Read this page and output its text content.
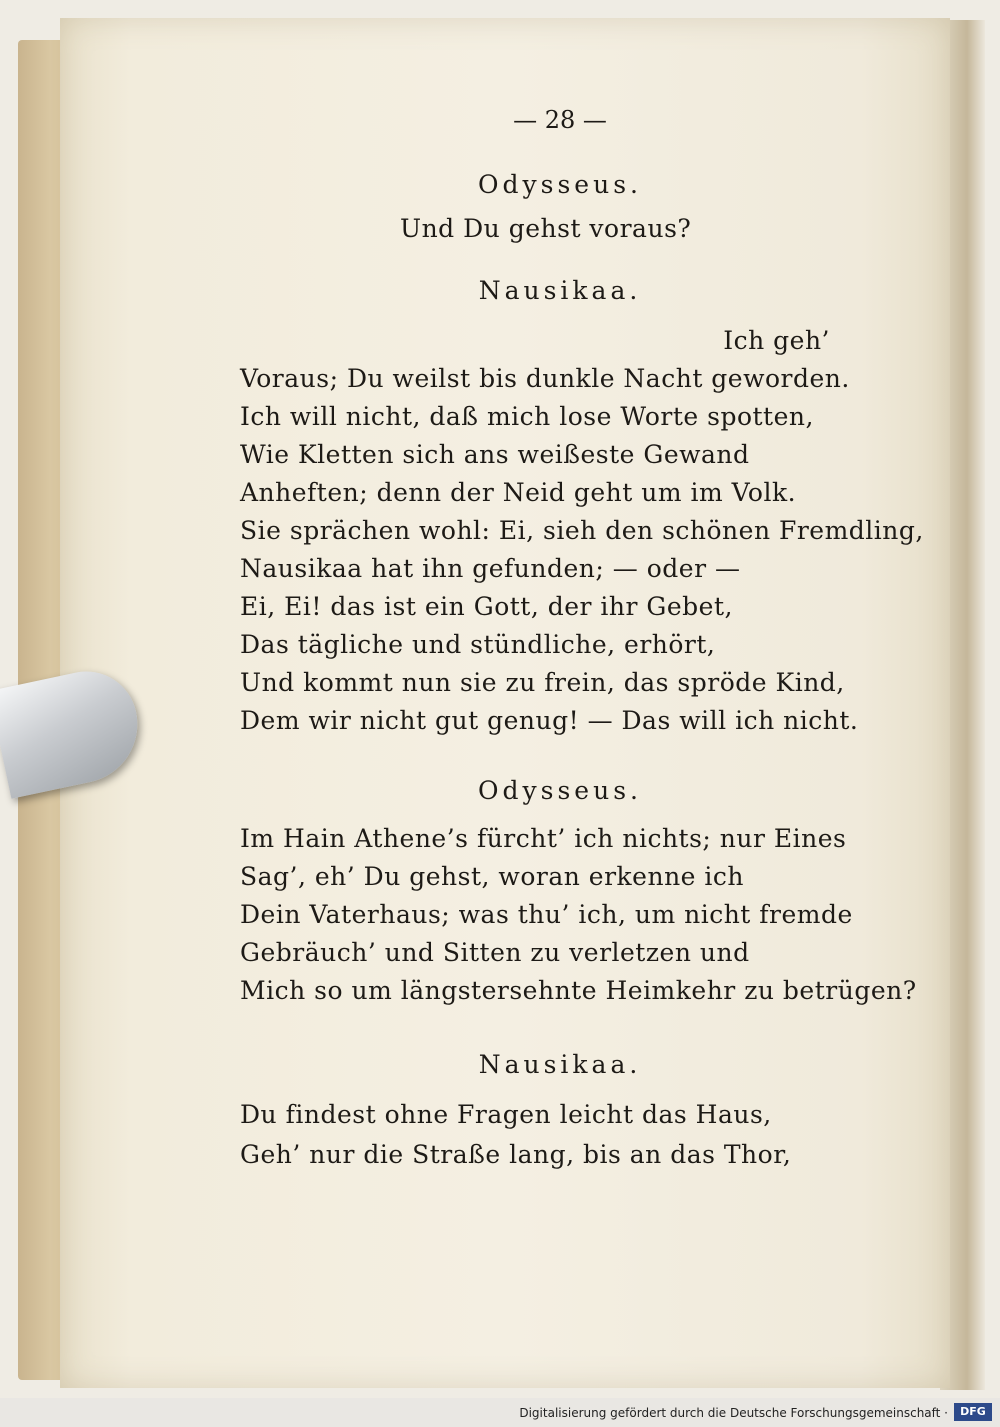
— 28 —
Odysseus.
Und Du gehst voraus?
Nausikaa.
Ich geh’
Voraus; Du weilst bis dunkle Nacht geworden.
Ich will nicht, daß mich lose Worte spotten,
Wie Kletten sich ans weißeste Gewand
Anheften; denn der Neid geht um im Volk.
Sie sprächen wohl: Ei, sieh den schönen Fremdling,
Nausikaa hat ihn gefunden; — oder —
Ei, Ei! das ist ein Gott, der ihr Gebet,
Das tägliche und stündliche, erhört,
Und kommt nun sie zu frein, das spröde Kind,
Dem wir nicht gut genug! — Das will ich nicht.
Odysseus.
Im Hain Athene’s fürcht’ ich nichts; nur Eines
Sag’, eh’ Du gehst, woran erkenne ich
Dein Vaterhaus; was thu’ ich, um nicht fremde
Gebräuch’ und Sitten zu verletzen und
Mich so um längstersehnte Heimkehr zu betrügen?
Nausikaa.
Du findest ohne Fragen leicht das Haus,
Geh’ nur die Straße lang, bis an das Thor,
Digitalisierung gefördert durch die Deutsche Forschungsgemeinschaft ·	DFG
